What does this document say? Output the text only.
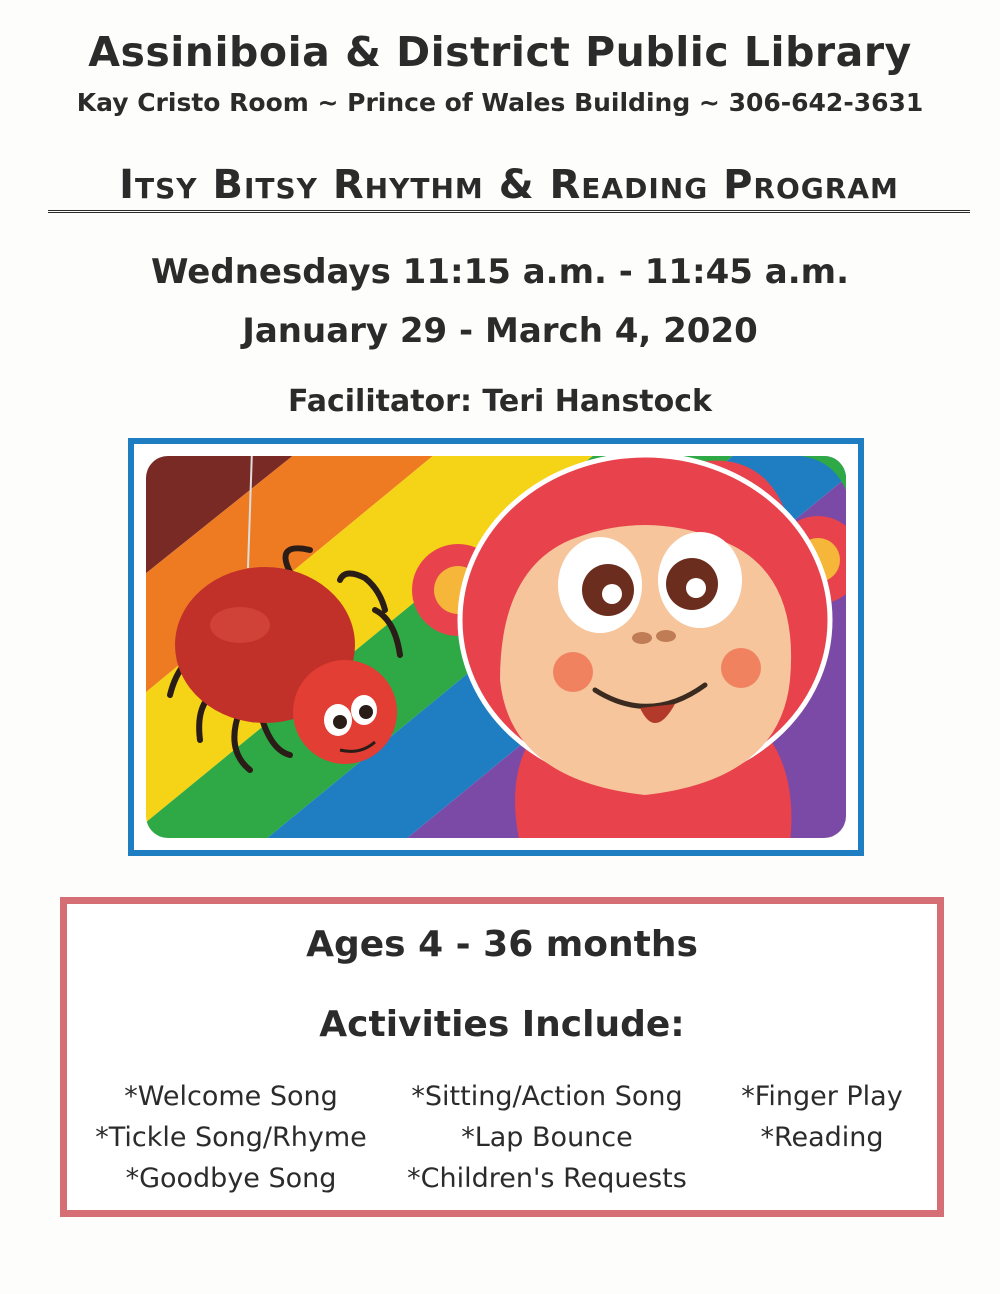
Assiniboia & District Public Library
Kay Cristo Room ~ Prince of Wales Building ~ 306-642-3631
Itsy Bitsy Rhythm & Reading Program
Wednesdays 11:15 a.m. - 11:45 a.m.
January 29 - March 4, 2020
Facilitator: Teri Hanstock
Ages 4 - 36 months
Activities Include:
*Welcome Song
*Tickle Song/Rhyme
*Goodbye Song
*Sitting/Action Song
*Lap Bounce
*Children's Requests
*Finger Play
*Reading
